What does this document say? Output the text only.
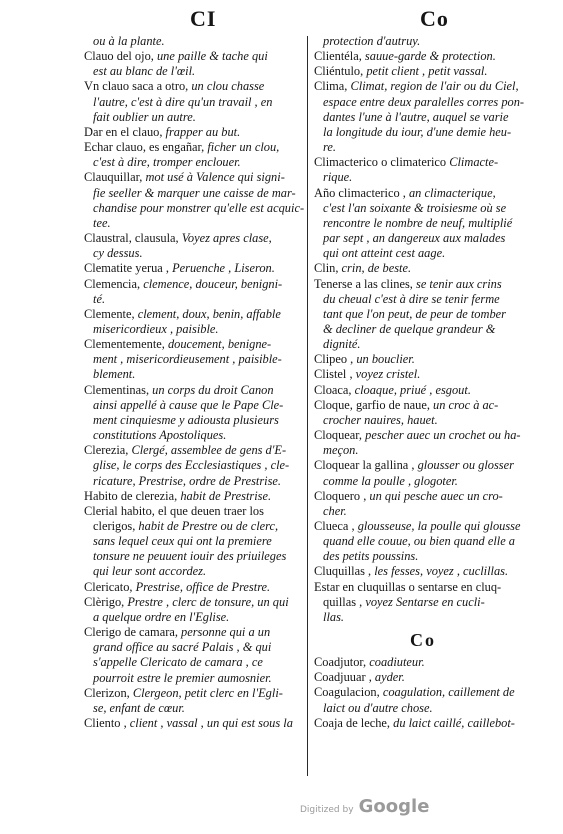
CI	Co
ou à la plante.
Clauo del ojo, une paille & tache qui
est au blanc de l'œil.
Vn clauo saca a otro, un clou chasse
l'autre, c'est à dire qu'un travail , en
fait oublier un autre.
Dar en el clauo, frapper au but.
Echar clauo, es engañar, ficher un clou,
c'est à dire, tromper enclouer.
Clauquillar, mot usé à Valence qui signi-
fie seeller & marquer une caisse de mar-
chandise pour monstrer qu'elle est acquic-
tee.
Claustral, clausula, Voyez apres clase,
cy dessus.
Clematite yerua , Peruenche , Liseron.
Clemencia, clemence, douceur, benigni-
té.
Clemente, clement, doux, benin, affable
misericordieux , paisible.
Clementemente, doucement, benigne-
ment , misericordieusement , paisible-
blement.
Clementinas, un corps du droit Canon
ainsi appellé à cause que le Pape Cle-
ment cinquiesme y adiousta plusieurs
constitutions Apostoliques.
Clerezia, Clergé, assemblee de gens d'E-
glise, le corps des Ecclesiastiques , cle-
ricature, Prestrise, ordre de Prestrise.
Habito de clerezia, habit de Prestrise.
Clerial habito, el que deuen traer los
clerigos, habit de Prestre ou de clerc,
sans lequel ceux qui ont la premiere
tonsure ne peuuent iouir des priuileges
qui leur sont accordez.
Clericato, Prestrise, office de Prestre.
Clèrigo, Prestre , clerc de tonsure, un qui
a quelque ordre en l'Eglise.
Clerigo de camara, personne qui a un
grand office au sacré Palais , & qui
s'appelle Clericato de camara , ce
pourroit estre le premier aumosnier.
Clerizon, Clergeon, petit clerc en l'Egli-
se, enfant de cœur.
Cliento , client , vassal , un qui est sous la
protection d'autruy.
Clientéla, sauue-garde & protection.
Cliéntulo, petit client , petit vassal.
Clima, Climat, region de l'air ou du Ciel,
espace entre deux paralelles corres pon-
dantes l'une à l'autre, auquel se varie
la longitude du iour, d'une demie heu-
re.
Climacterico o climaterico Climacte-
rique.
Año climacterico , an climacterique,
c'est l'an soixante & troisiesme où se
rencontre le nombre de neuf, multiplié
par sept , an dangereux aux malades
qui ont atteint cest aage.
Clin, crin, de beste.
Tenerse a las clines, se tenir aux crins
du cheual c'est à dire se tenir ferme
tant que l'on peut, de peur de tomber
& decliner de quelque grandeur &
dignité.
Clipeo , un bouclier.
Clistel , voyez cristel.
Cloaca, cloaque, priué , esgout.
Cloque, garfio de naue, un croc à ac-
crocher nauires, hauet.
Cloquear, pescher auec un crochet ou ha-
meçon.
Cloquear la gallina , glousser ou glosser
comme la poulle , glogoter.
Cloquero , un qui pesche auec un cro-
cher.
Clueca , glousseuse, la poulle qui glousse
quand elle couue, ou bien quand elle a
des petits poussins.
Cluquillas , les fesses, voyez , cuclillas.
Estar en cluquillas o sentarse en cluq-
quillas , voyez Sentarse en cucli-
llas.
Co
Coadjutor, coadiuteur.
Coadjuuar , ayder.
Coagulacion, coagulation, caillement de
laict ou d'autre chose.
Coaja de leche, du laict caillé, caillebot-
Digitized by Google
